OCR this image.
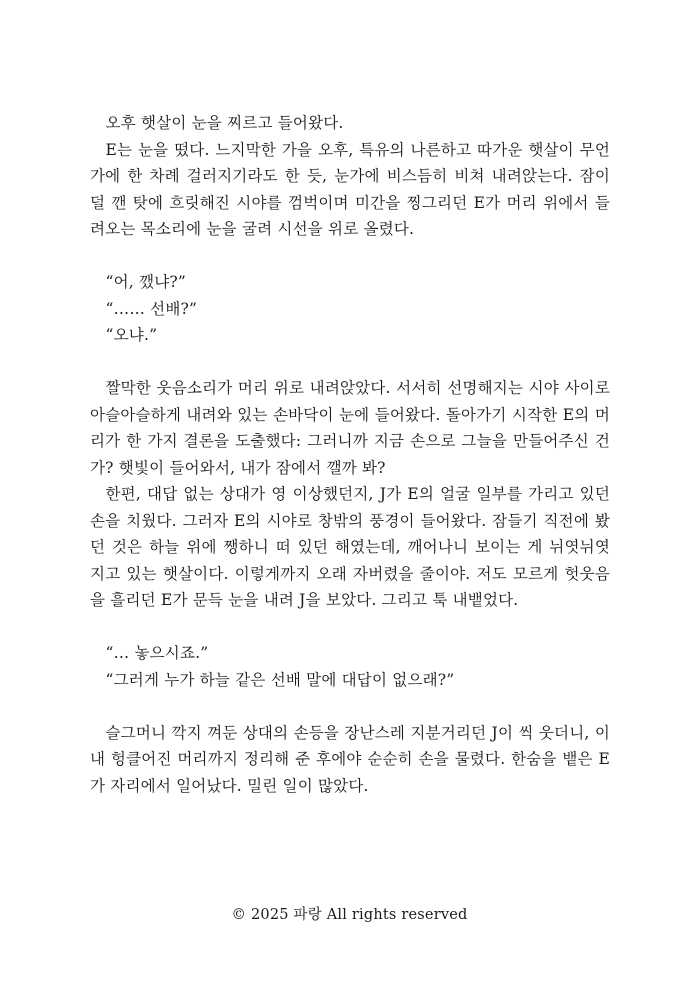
오후 햇살이 눈을 찌르고 들어왔다.

E는 눈을 떴다. 느지막한 가을 오후, 특유의 나른하고 따가운 햇살이 무언가에 한 차례 걸러지기라도 한 듯, 눈가에 비스듬히 비쳐 내려앉는다. 잠이 덜 깬 탓에 흐릿해진 시야를 껌벅이며 미간을 찡그리던 E가 머리 위에서 들려오는 목소리에 눈을 굴려 시선을 위로 올렸다.

“어, 깼냐?”

“…… 선배?”

“오냐.”

짤막한 웃음소리가 머리 위로 내려앉았다. 서서히 선명해지는 시야 사이로 아슬아슬하게 내려와 있는 손바닥이 눈에 들어왔다. 돌아가기 시작한 E의 머리가 한 가지 결론을 도출했다: 그러니까 지금 손으로 그늘을 만들어주신 건가? 햇빛이 들어와서, 내가 잠에서 깰까 봐?

한편, 대답 없는 상대가 영 이상했던지, J가 E의 얼굴 일부를 가리고 있던 손을 치웠다. 그러자 E의 시야로 창밖의 풍경이 들어왔다. 잠들기 직전에 봤던 것은 하늘 위에 쨍하니 떠 있던 해였는데, 깨어나니 보이는 게 뉘엿뉘엿 지고 있는 햇살이다. 이렇게까지 오래 자버렸을 줄이야. 저도 모르게 헛웃음을 흘리던 E가 문득 눈을 내려 J을 보았다. 그리고 툭 내뱉었다.

“… 놓으시죠.”

“그러게 누가 하늘 같은 선배 말에 대답이 없으래?”

슬그머니 깍지 껴둔 상대의 손등을 장난스레 지분거리던 J이 씩 웃더니, 이내 헝클어진 머리까지 정리해 준 후에야 순순히 손을 물렸다. 한숨을 뱉은 E가 자리에서 일어났다. 밀린 일이 많았다.

© 2025 파랑 All rights reserved
